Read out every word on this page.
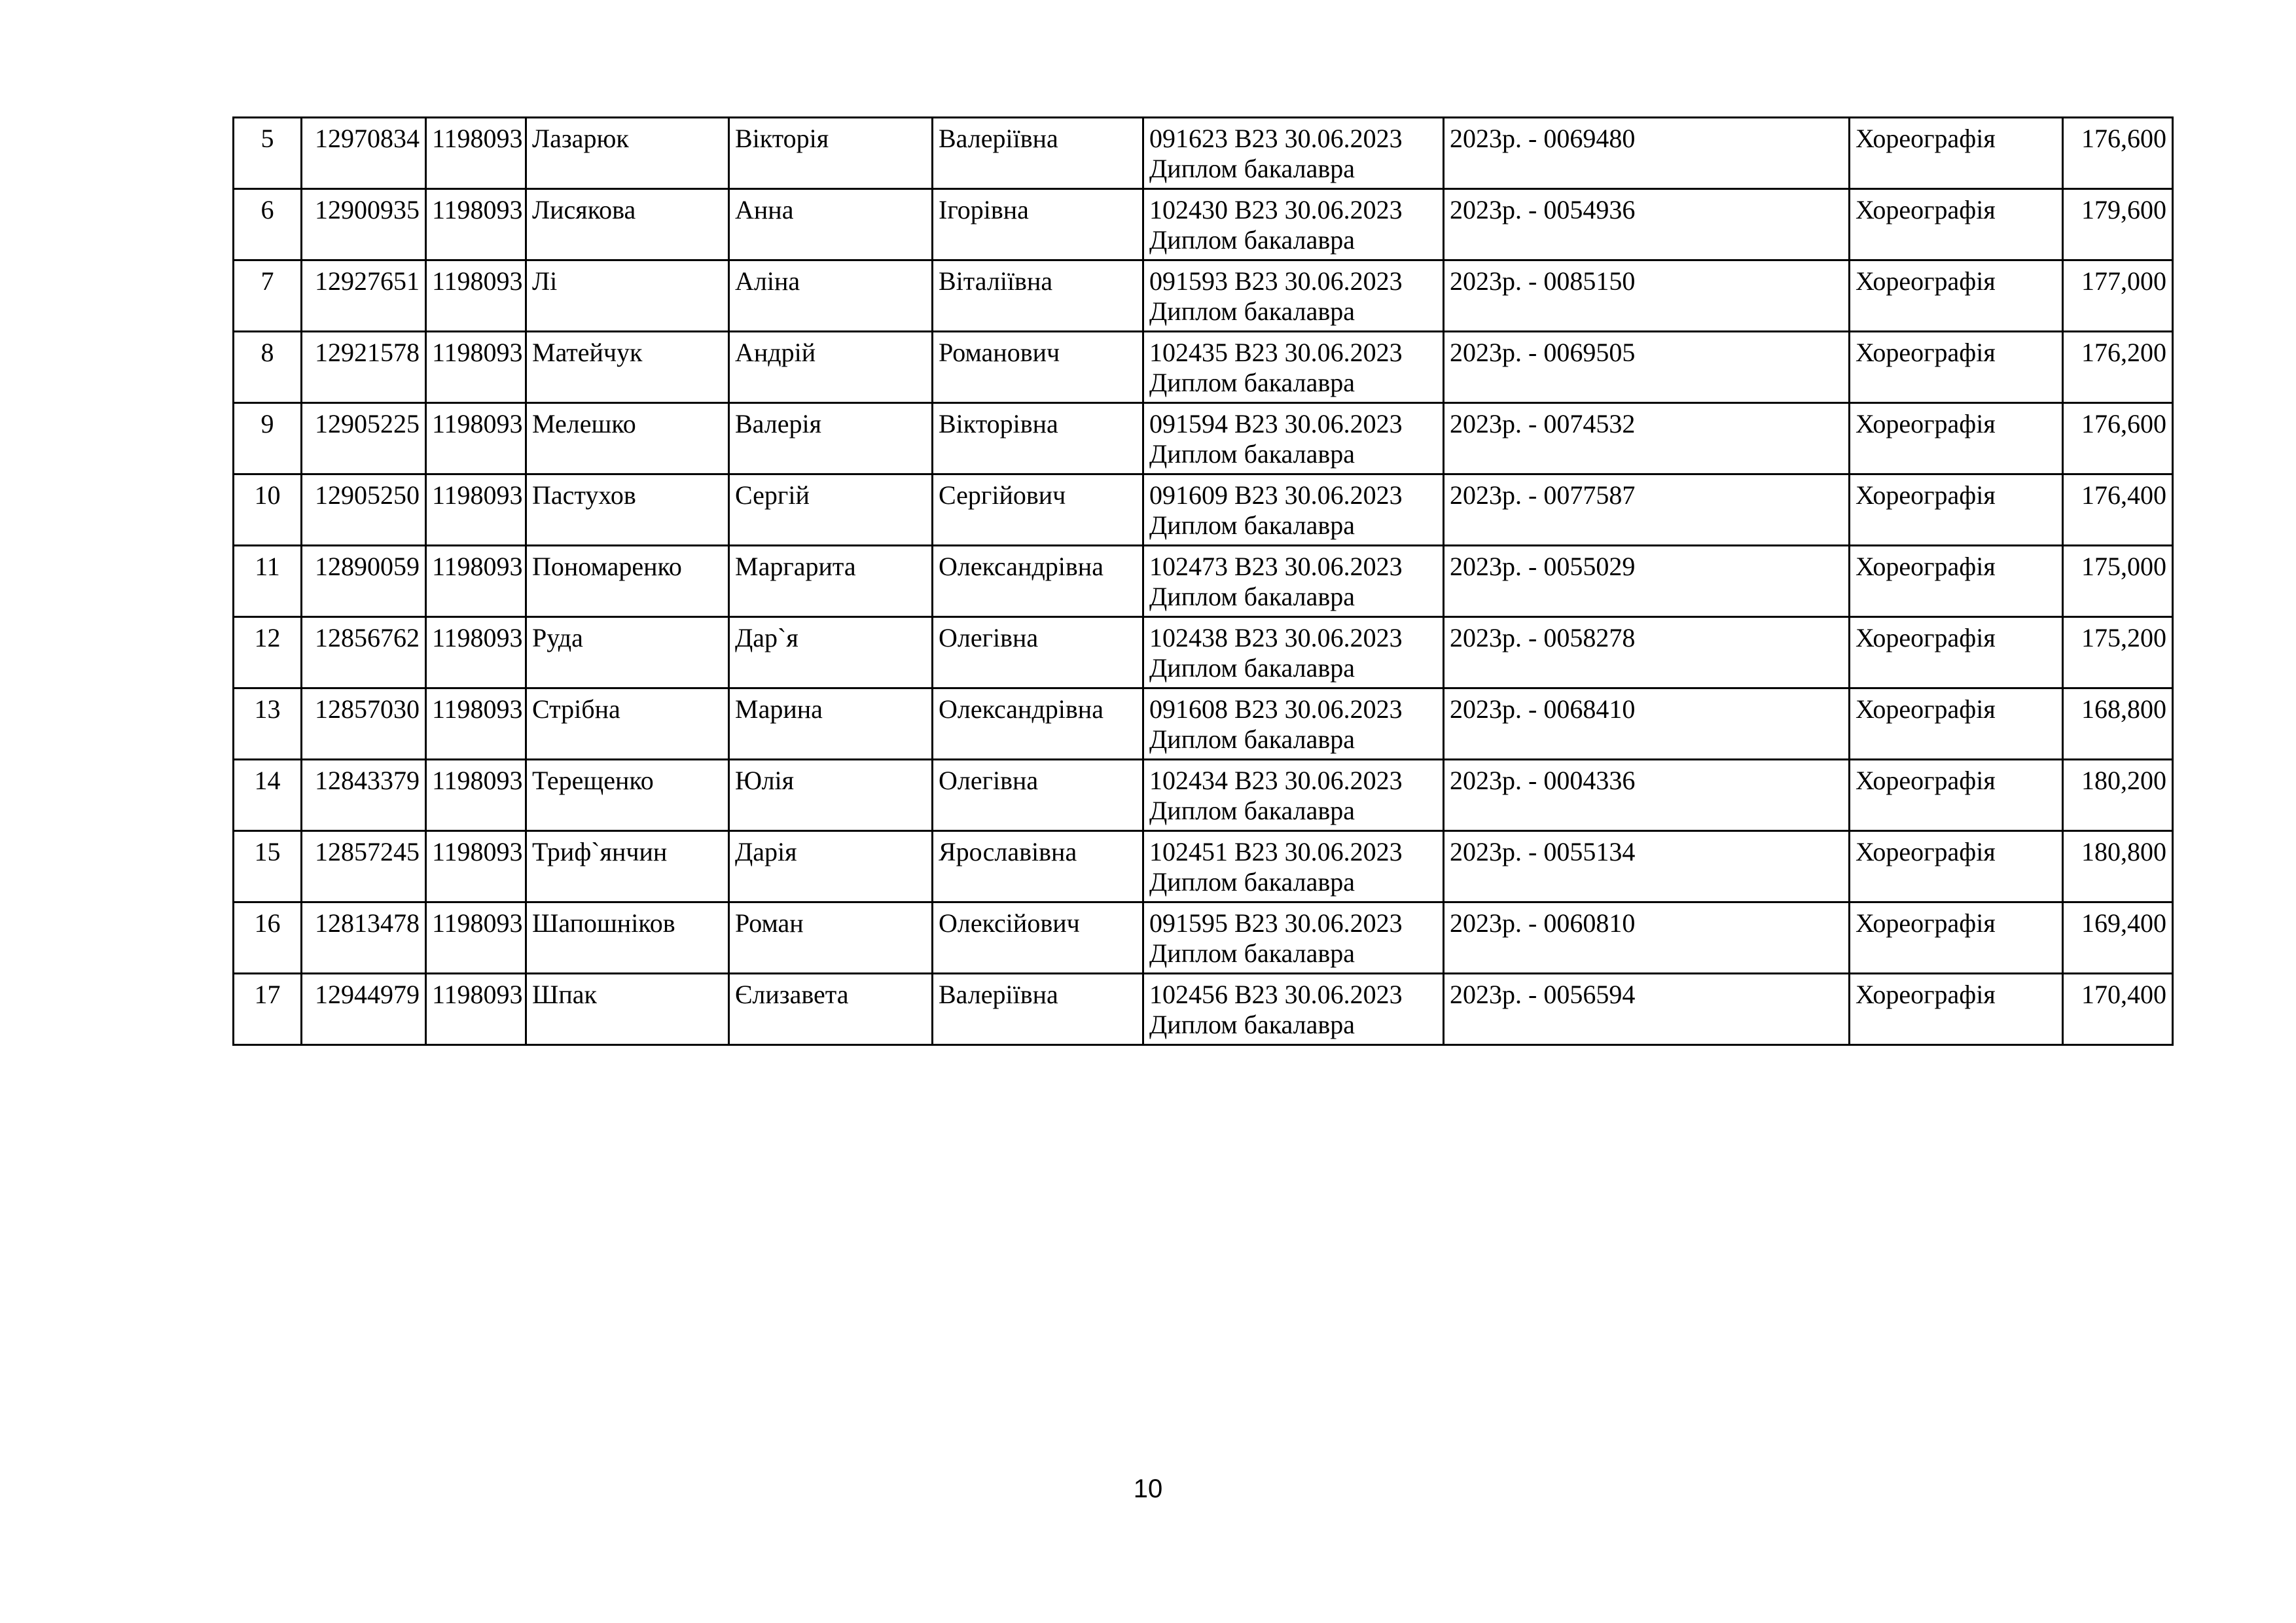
5	12970834	1198093	Лазарюк	Вікторія	Валеріївна	091623 В23 30.06.2023 Диплом бакалавра	2023р. - 0069480	Хореографія	176,600
6	12900935	1198093	Лисякова	Анна	Ігорівна	102430 В23 30.06.2023 Диплом бакалавра	2023р. - 0054936	Хореографія	179,600
7	12927651	1198093	Лі	Аліна	Віталіївна	091593 В23 30.06.2023 Диплом бакалавра	2023р. - 0085150	Хореографія	177,000
8	12921578	1198093	Матейчук	Андрій	Романович	102435 В23 30.06.2023 Диплом бакалавра	2023р. - 0069505	Хореографія	176,200
9	12905225	1198093	Мелешко	Валерія	Вікторівна	091594 В23 30.06.2023 Диплом бакалавра	2023р. - 0074532	Хореографія	176,600
10	12905250	1198093	Пастухов	Сергій	Сергійович	091609 В23 30.06.2023 Диплом бакалавра	2023р. - 0077587	Хореографія	176,400
11	12890059	1198093	Пономаренко	Маргарита	Олександрівна	102473 В23 30.06.2023 Диплом бакалавра	2023р. - 0055029	Хореографія	175,000
12	12856762	1198093	Руда	Дар`я	Олегівна	102438 В23 30.06.2023 Диплом бакалавра	2023р. - 0058278	Хореографія	175,200
13	12857030	1198093	Стрібна	Марина	Олександрівна	091608 В23 30.06.2023 Диплом бакалавра	2023р. - 0068410	Хореографія	168,800
14	12843379	1198093	Терещенко	Юлія	Олегівна	102434 В23 30.06.2023 Диплом бакалавра	2023р. - 0004336	Хореографія	180,200
15	12857245	1198093	Триф`янчин	Дарія	Ярославівна	102451 В23 30.06.2023 Диплом бакалавра	2023р. - 0055134	Хореографія	180,800
16	12813478	1198093	Шапошніков	Роман	Олексійович	091595 В23 30.06.2023 Диплом бакалавра	2023р. - 0060810	Хореографія	169,400
17	12944979	1198093	Шпак	Єлизавета	Валеріївна	102456 В23 30.06.2023 Диплом бакалавра	2023р. - 0056594	Хореографія	170,400
10
